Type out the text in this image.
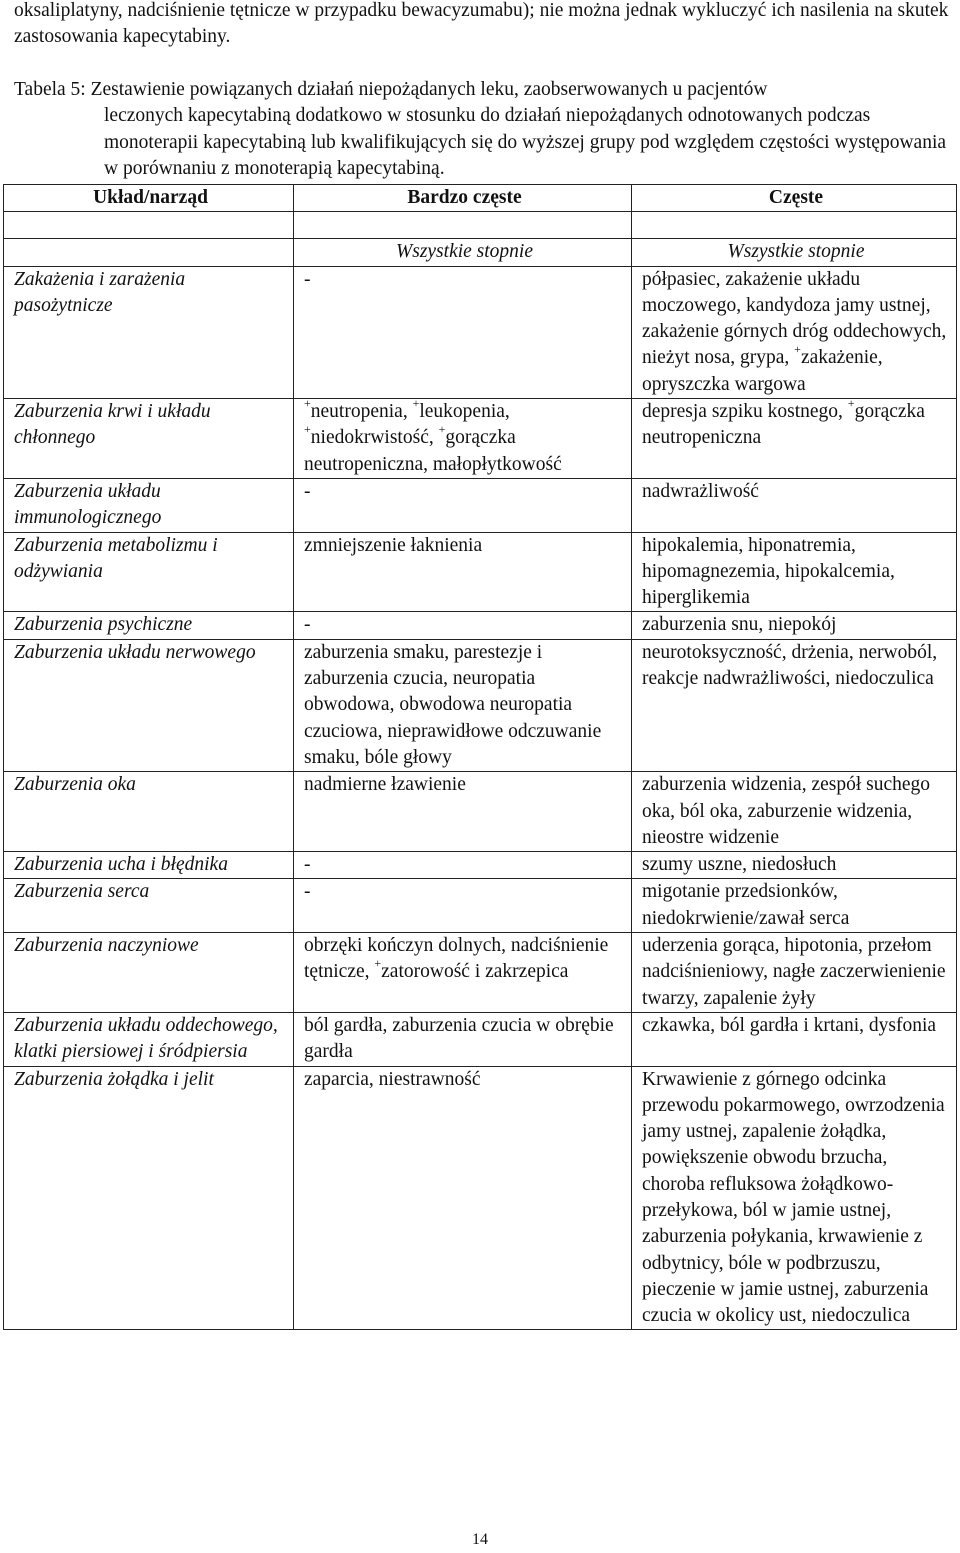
oksaliplatyny, nadciśnienie tętnicze w przypadku bewacyzumabu); nie można jednak wykluczyć ich nasilenia na skutek zastosowania kapecytabiny.

Tabela 5: Zestawienie powiązanych działań niepożądanych leku, zaobserwowanych u pacjentów
leczonych kapecytabiną dodatkowo w stosunku do działań niepożądanych odnotowanych podczas monoterapii kapecytabiną lub kwalifikujących się do wyższej grupy pod względem częstości występowania w porównaniu z monoterapią kapecytabiną.

Układ/narząd	Bardzo częste	Częste

	Wszystkie stopnie	Wszystkie stopnie
Zakażenia i zarażenia pasożytnicze	-	półpasiec, zakażenie układu moczowego, kandydoza jamy ustnej, zakażenie górnych dróg oddechowych, nieżyt nosa, grypa, +zakażenie, opryszczka wargowa
Zaburzenia krwi i układu chłonnego	+neutropenia, +leukopenia, +niedokrwistość, +gorączka neutropeniczna, małopłytkowość	depresja szpiku kostnego, +gorączka neutropeniczna
Zaburzenia układu immunologicznego	-	nadwrażliwość
Zaburzenia metabolizmu i odżywiania	zmniejszenie łaknienia	hipokalemia, hiponatremia, hipomagnezemia, hipokalcemia, hiperglikemia
Zaburzenia psychiczne	-	zaburzenia snu, niepokój
Zaburzenia układu nerwowego	zaburzenia smaku, parestezje i zaburzenia czucia, neuropatia obwodowa, obwodowa neuropatia czuciowa, nieprawidłowe odczuwanie smaku, bóle głowy	neurotoksyczność, drżenia, nerwoból, reakcje nadwrażliwości, niedoczulica
Zaburzenia oka	nadmierne łzawienie	zaburzenia widzenia, zespół suchego oka, ból oka, zaburzenie widzenia, nieostre widzenie
Zaburzenia ucha i błędnika	-	szumy uszne, niedosłuch
Zaburzenia serca	-	migotanie przedsionków, niedokrwienie/zawał serca
Zaburzenia naczyniowe	obrzęki kończyn dolnych, nadciśnienie tętnicze, +zatorowość i zakrzepica	uderzenia gorąca, hipotonia, przełom nadciśnieniowy, nagłe zaczerwienienie twarzy, zapalenie żyły
Zaburzenia układu oddechowego, klatki piersiowej i śródpiersia	ból gardła, zaburzenia czucia w obrębie gardła	czkawka, ból gardła i krtani, dysfonia
Zaburzenia żołądka i jelit	zaparcia, niestrawność	Krwawienie z górnego odcinka przewodu pokarmowego, owrzodzenia jamy ustnej, zapalenie żołądka, powiększenie obwodu brzucha, choroba refluksowa żołądkowo-przełykowa, ból w jamie ustnej, zaburzenia połykania, krwawienie z odbytnicy, bóle w podbrzuszu, pieczenie w jamie ustnej, zaburzenia czucia w okolicy ust, niedoczulica
14
